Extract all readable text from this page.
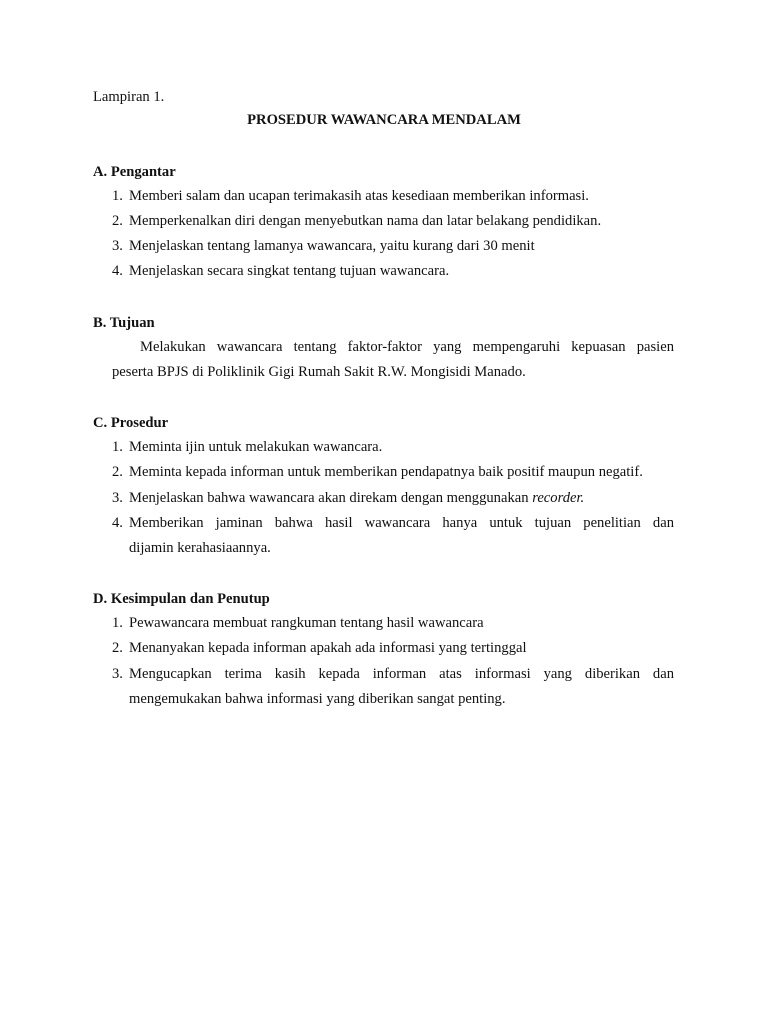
Lampiran 1.
PROSEDUR WAWANCARA MENDALAM
A. Pengantar
1. Memberi salam dan ucapan terimakasih atas kesediaan memberikan informasi.
2. Memperkenalkan diri dengan menyebutkan nama dan latar belakang pendidikan.
3. Menjelaskan tentang lamanya wawancara, yaitu kurang dari 30 menit
4. Menjelaskan secara singkat tentang tujuan wawancara.
B. Tujuan
Melakukan wawancara tentang faktor-faktor yang mempengaruhi kepuasan pasien
peserta BPJS di Poliklinik Gigi Rumah Sakit R.W. Mongisidi Manado.
C. Prosedur
1. Meminta ijin untuk melakukan wawancara.
2. Meminta kepada informan untuk memberikan pendapatnya baik positif maupun negatif.
3. Menjelaskan bahwa wawancara akan direkam dengan menggunakan recorder.
4. Memberikan jaminan bahwa hasil wawancara hanya untuk tujuan penelitian dan
dijamin kerahasiaannya.
D. Kesimpulan dan Penutup
1. Pewawancara membuat rangkuman tentang hasil wawancara
2. Menanyakan kepada informan apakah ada informasi yang tertinggal
3. Mengucapkan terima kasih kepada informan atas informasi yang diberikan dan
mengemukakan bahwa informasi yang diberikan sangat penting.
